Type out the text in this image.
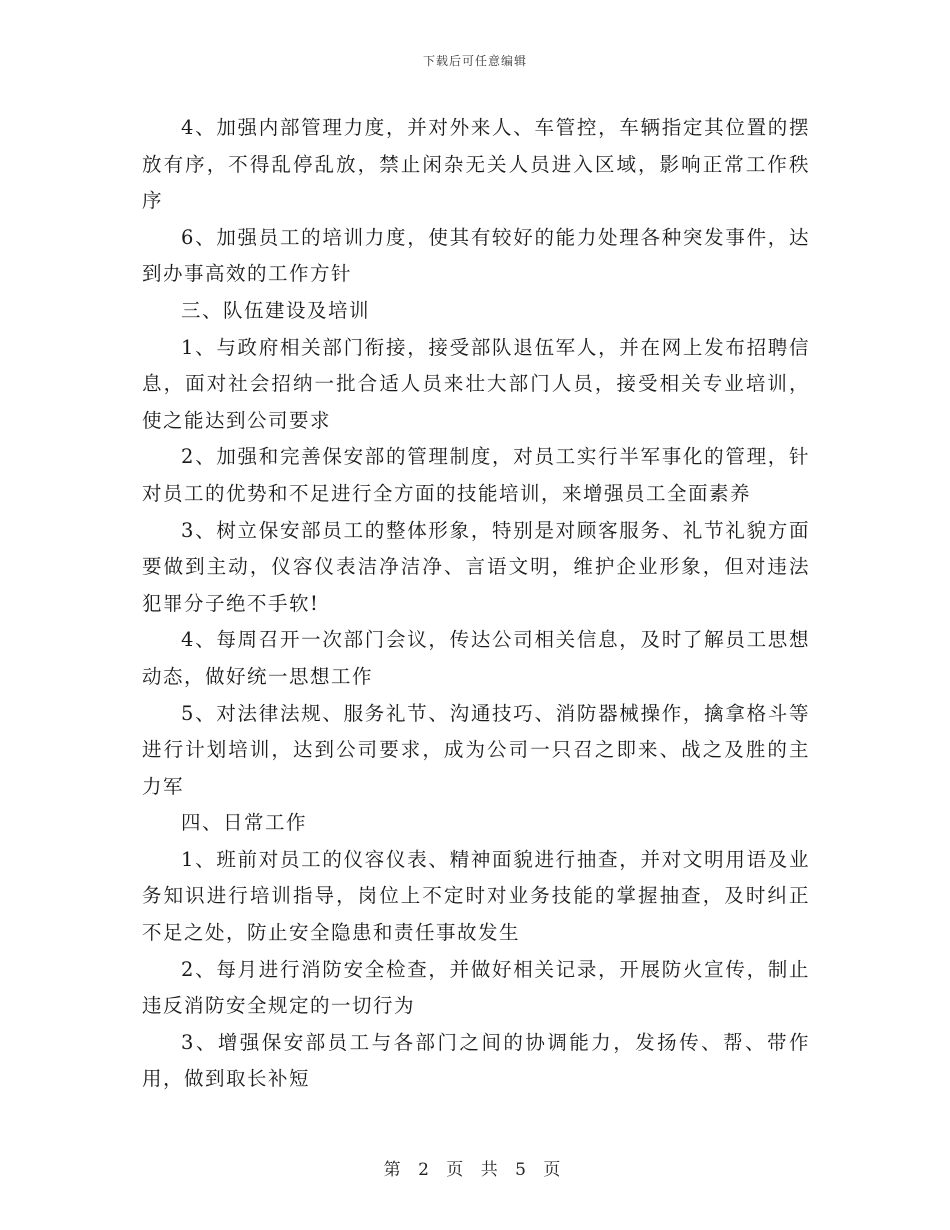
下载后可任意编辑

4、加强内部管理力度，并对外来人、车管控，车辆指定其位置的摆放有序，不得乱停乱放，禁止闲杂无关人员进入区域，影响正常工作秩序

6、加强员工的培训力度，使其有较好的能力处理各种突发事件，达到办事高效的工作方针

三、队伍建设及培训

1、与政府相关部门衔接，接受部队退伍军人，并在网上发布招聘信息，面对社会招纳一批合适人员来壮大部门人员，接受相关专业培训，使之能达到公司要求

2、加强和完善保安部的管理制度，对员工实行半军事化的管理，针对员工的优势和不足进行全方面的技能培训，来增强员工全面素养

3、树立保安部员工的整体形象，特别是对顾客服务、礼节礼貌方面要做到主动，仪容仪表洁净洁净、言语文明，维护企业形象，但对违法犯罪分子绝不手软!

4、每周召开一次部门会议，传达公司相关信息，及时了解员工思想动态，做好统一思想工作

5、对法律法规、服务礼节、沟通技巧、消防器械操作，擒拿格斗等进行计划培训，达到公司要求，成为公司一只召之即来、战之及胜的主力军

四、日常工作

1、班前对员工的仪容仪表、精神面貌进行抽查，并对文明用语及业务知识进行培训指导，岗位上不定时对业务技能的掌握抽查，及时纠正不足之处，防止安全隐患和责任事故发生

2、每月进行消防安全检查，并做好相关记录，开展防火宣传，制止违反消防安全规定的一切行为

3、增强保安部员工与各部门之间的协调能力，发扬传、帮、带作用，做到取长补短

第 2 页 共 5 页
